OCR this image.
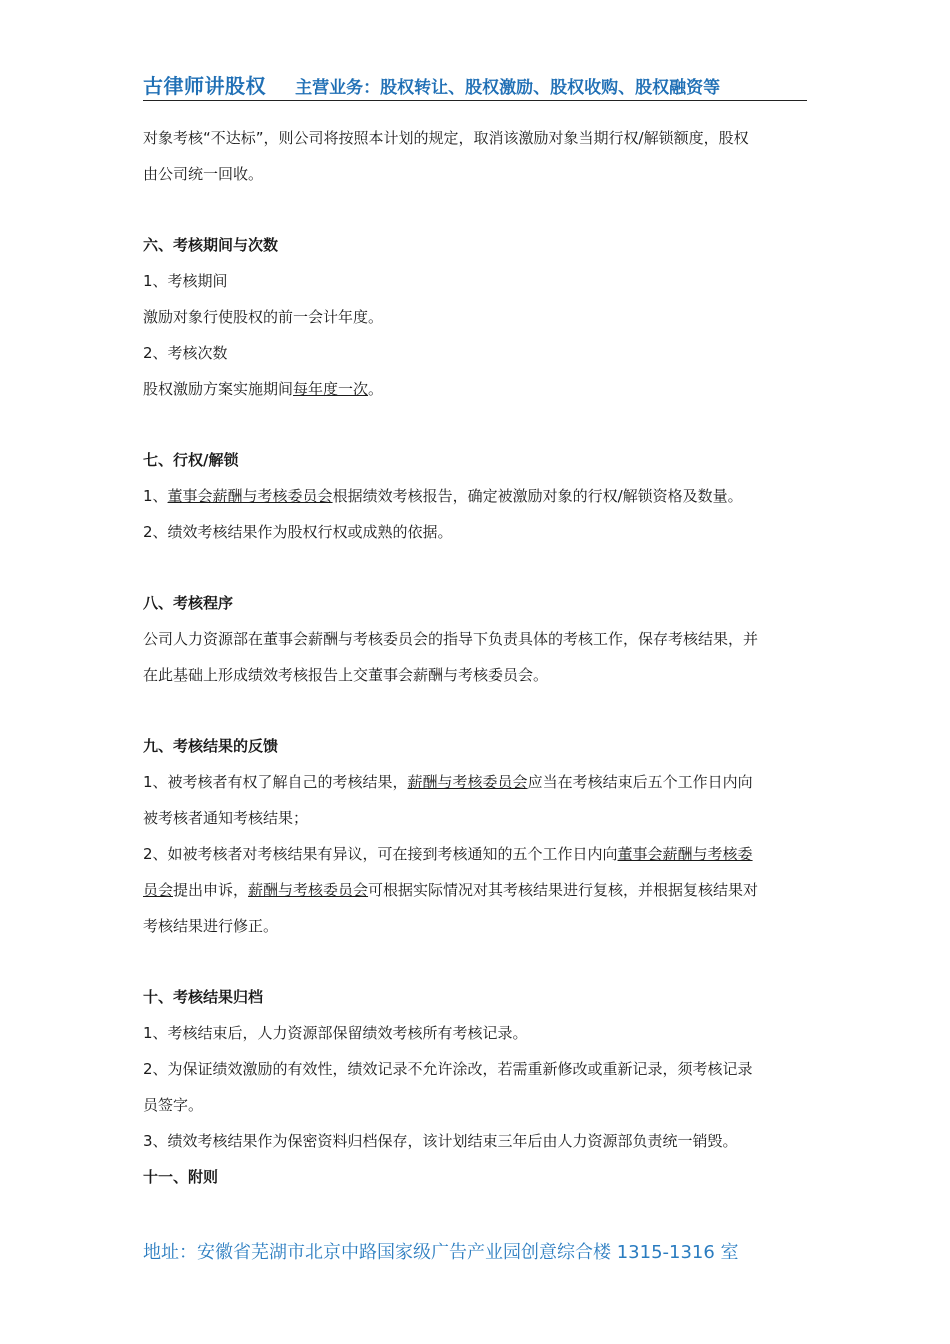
古律师讲股权 主营业务：股权转让、股权激励、股权收购、股权融资等

对象考核“不达标”，则公司将按照本计划的规定，取消该激励对象当期行权/解锁额度，股权

由公司统一回收。

六、考核期间与次数

1、考核期间

激励对象行使股权的前一会计年度。

2、考核次数

股权激励方案实施期间每年度一次。

七、行权/解锁

1、董事会薪酬与考核委员会根据绩效考核报告，确定被激励对象的行权/解锁资格及数量。

2、绩效考核结果作为股权行权或成熟的依据。

八、考核程序

公司人力资源部在董事会薪酬与考核委员会的指导下负责具体的考核工作，保存考核结果，并

在此基础上形成绩效考核报告上交董事会薪酬与考核委员会。

九、考核结果的反馈

1、被考核者有权了解自己的考核结果，薪酬与考核委员会应当在考核结束后五个工作日内向

被考核者通知考核结果；

2、如被考核者对考核结果有异议，可在接到考核通知的五个工作日内向董事会薪酬与考核委

员会提出申诉，薪酬与考核委员会可根据实际情况对其考核结果进行复核，并根据复核结果对

考核结果进行修正。

十、考核结果归档

1、考核结束后，人力资源部保留绩效考核所有考核记录。

2、为保证绩效激励的有效性，绩效记录不允许涂改，若需重新修改或重新记录，须考核记录

员签字。

3、绩效考核结果作为保密资料归档保存，该计划结束三年后由人力资源部负责统一销毁。

十一、附则

地址：安徽省芜湖市北京中路国家级广告产业园创意综合楼 1315-1316 室
